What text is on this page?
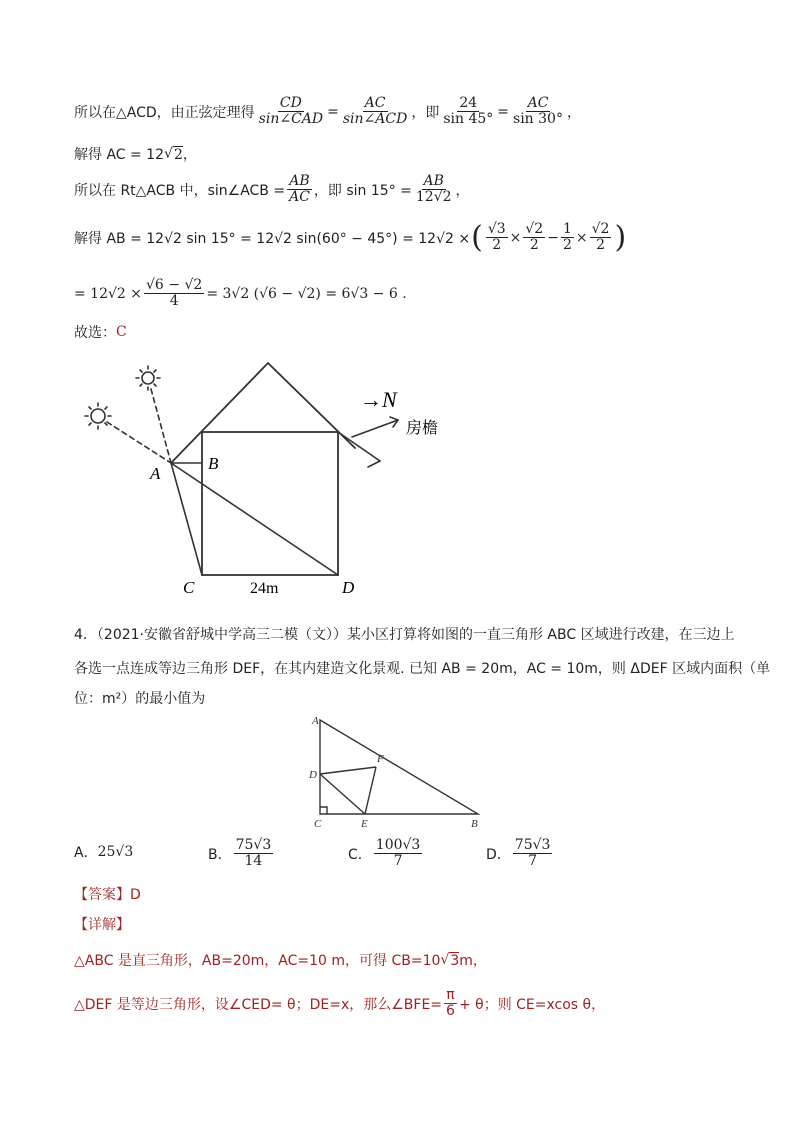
所以在△ACD，由正弦定理得 $\frac{CD}{\text{sin∠CAD}} = \frac{AC}{\text{sin∠ACD}}$ ，即 $\frac{24}{\sin 45^\circ} = \frac{AC}{\sin 30^\circ}$ ，
解得 AC = 12 √ 2 ，
所以在 Rt△ACB 中，sin∠ACB = $\frac{AB}{AC}$ ，即 $\sin 15^\circ = \frac{AB}{12√2}$ ，
解得 AB = 12√2 sin 15° = 12√2 sin(60° − 45°) = 12√2 × ( $\frac{√3}{2} \times \frac{√2}{2} - \frac{1}{2} \times \frac{√2}{2}$ )
= $12√2 \times \frac{√6 - √2}{4} = 3√2$ (√6 − √2) = 6√3 − 6 .
故选： C
A
B
C	D
→N
房檐
24m
4．（2021·安徽省舒城中学高三二模（文））某小区打算将如图的一直三角形 ABC 区域进行改建，在三边上
各选一点连成等边三角形 DEF，在其内建造文化景观. 已知 AB = 20m，AC = 10m，则 ΔDEF 区域内面积（单
位：m²）的最小值为
A
F
D
C	E	B
A． 25√3	B． $\frac{75√3}{14}$	C． $\frac{100√3}{7}$	D． $\frac{75√3}{7}$
【答案】D
【详解】
△ABC 是直三角形，AB=20m，AC=10 m，可得 CB=10 √ 3 m，
△DEF 是等边三角形，设∠CED= θ；DE=x，那么∠BFE= $\frac{\pi}{6} + \theta$；则 CE=xcos θ，
